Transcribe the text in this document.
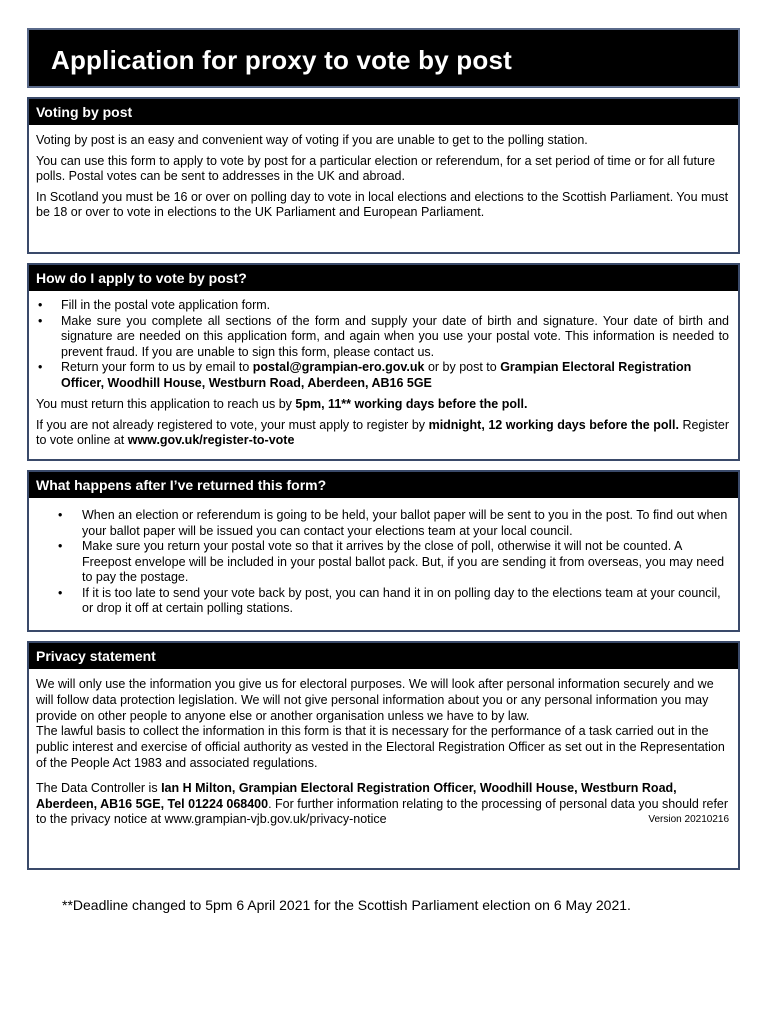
Application for proxy to vote by post
Voting by post

Voting by post is an easy and convenient way of voting if you are unable to get to the polling station.

You can use this form to apply to vote by post for a particular election or referendum, for a set period of time or for all future polls. Postal votes can be sent to addresses in the UK and abroad.

In Scotland you must be 16 or over on polling day to vote in local elections and elections to the Scottish Parliament. You must be 18 or over to vote in elections to the UK Parliament and European Parliament.

How do I apply to vote by post?
• Fill in the postal vote application form.
• Make sure you complete all sections of the form and supply your date of birth and signature. Your date of birth and signature are needed on this application form, and again when you use your postal vote. This information is needed to prevent fraud. If you are unable to sign this form, please contact us.
• Return your form to us by email to postal@grampian-ero.gov.uk or by post to Grampian Electoral Registration Officer, Woodhill House, Westburn Road, Aberdeen, AB16 5GE

You must return this application to reach us by 5pm, 11** working days before the poll.

If you are not already registered to vote, your must apply to register by midnight, 12 working days before the poll. Register to vote online at www.gov.uk/register-to-vote

What happens after I’ve returned this form?
• When an election or referendum is going to be held, your ballot paper will be sent to you in the post. To find out when your ballot paper will be issued you can contact your elections team at your local council.
• Make sure you return your postal vote so that it arrives by the close of poll, otherwise it will not be counted. A Freepost envelope will be included in your postal ballot pack. But, if you are sending it from overseas, you may need to pay the postage.
• If it is too late to send your vote back by post, you can hand it in on polling day to the elections team at your council, or drop it off at certain polling stations.
Privacy statement

We will only use the information you give us for electoral purposes. We will look after personal information securely and we will follow data protection legislation. We will not give personal information about you or any personal information you may provide on other people to anyone else or another organisation unless we have to by law.

The lawful basis to collect the information in this form is that it is necessary for the performance of a task carried out in the public interest and exercise of official authority as vested in the Electoral Registration Officer as set out in the Representation of the People Act 1983 and associated regulations.

The Data Controller is Ian H Milton, Grampian Electoral Registration Officer, Woodhill House, Westburn Road, Aberdeen, AB16 5GE, Tel 01224 068400. For further information relating to the processing of personal data you should refer to the privacy notice at www.grampian-vjb.gov.uk/privacy-notice	Version 20210216

**Deadline changed to 5pm 6 April 2021 for the Scottish Parliament election on 6 May 2021.
